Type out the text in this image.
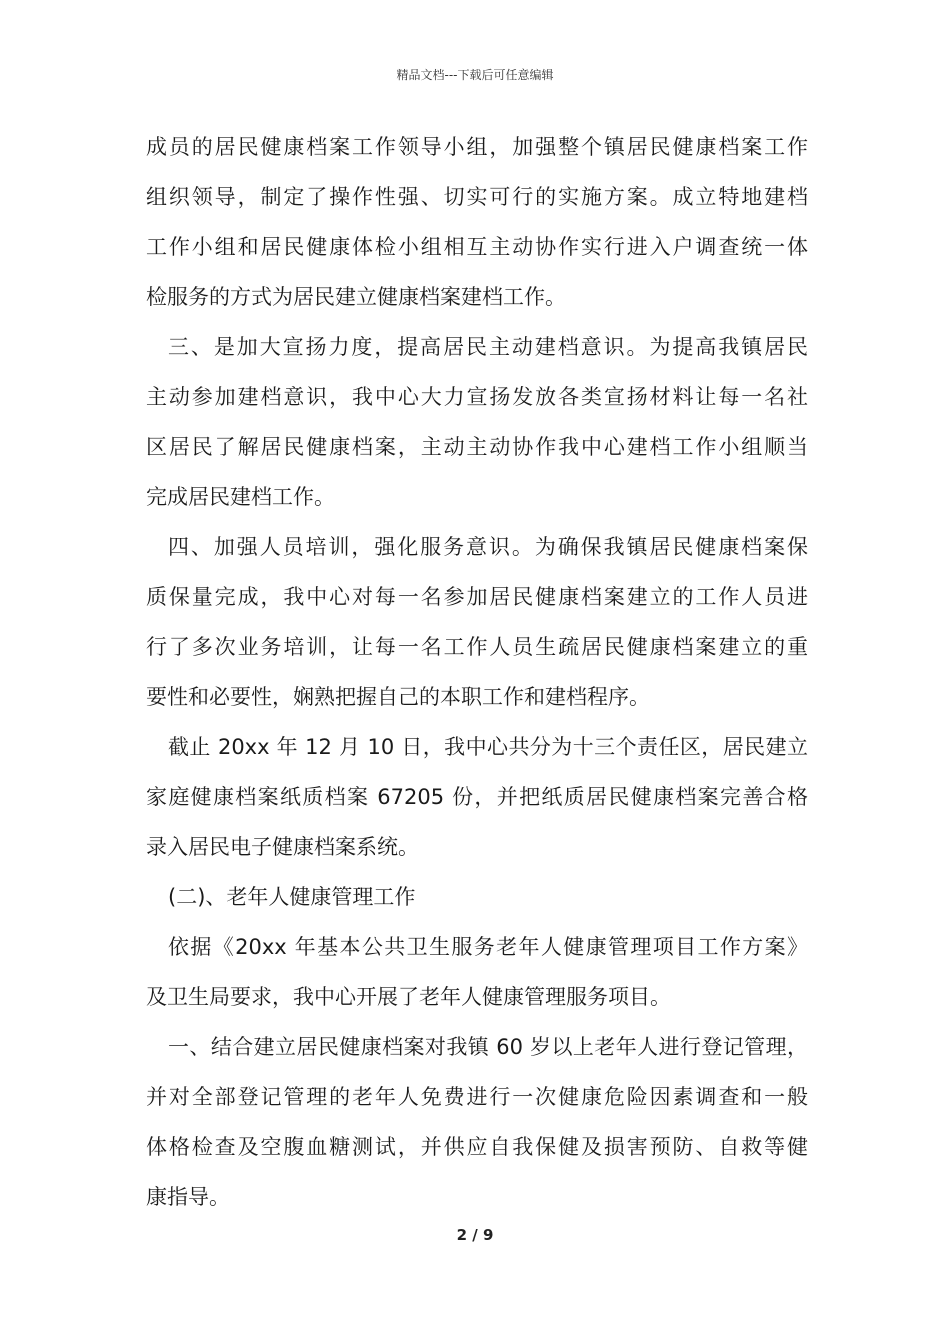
精品文档---下载后可任意编辑
成员的居民健康档案工作领导小组，加强整个镇居民健康档案工作
组织领导，制定了操作性强、切实可行的实施方案。成立特地建档
工作小组和居民健康体检小组相互主动协作实行进入户调查统一体
检服务的方式为居民建立健康档案建档工作。
三、是加大宣扬力度，提高居民主动建档意识。为提高我镇居民
主动参加建档意识，我中心大力宣扬发放各类宣扬材料让每一名社
区居民了解居民健康档案，主动主动协作我中心建档工作小组顺当
完成居民建档工作。
四、加强人员培训，强化服务意识。为确保我镇居民健康档案保
质保量完成，我中心对每一名参加居民健康档案建立的工作人员进
行了多次业务培训，让每一名工作人员生疏居民健康档案建立的重
要性和必要性，娴熟把握自己的本职工作和建档程序。
截止 20xx 年 12 月 10 日，我中心共分为十三个责任区，居民建立
家庭健康档案纸质档案 67205 份，并把纸质居民健康档案完善合格
录入居民电子健康档案系统。
(二)、老年人健康管理工作
依据《20xx 年基本公共卫生服务老年人健康管理项目工作方案》
及卫生局要求，我中心开展了老年人健康管理服务项目。
一、结合建立居民健康档案对我镇 60 岁以上老年人进行登记管理，
并对全部登记管理的老年人免费进行一次健康危险因素调查和一般
体格检查及空腹血糖测试，并供应自我保健及损害预防、自救等健
康指导。
2 / 9
